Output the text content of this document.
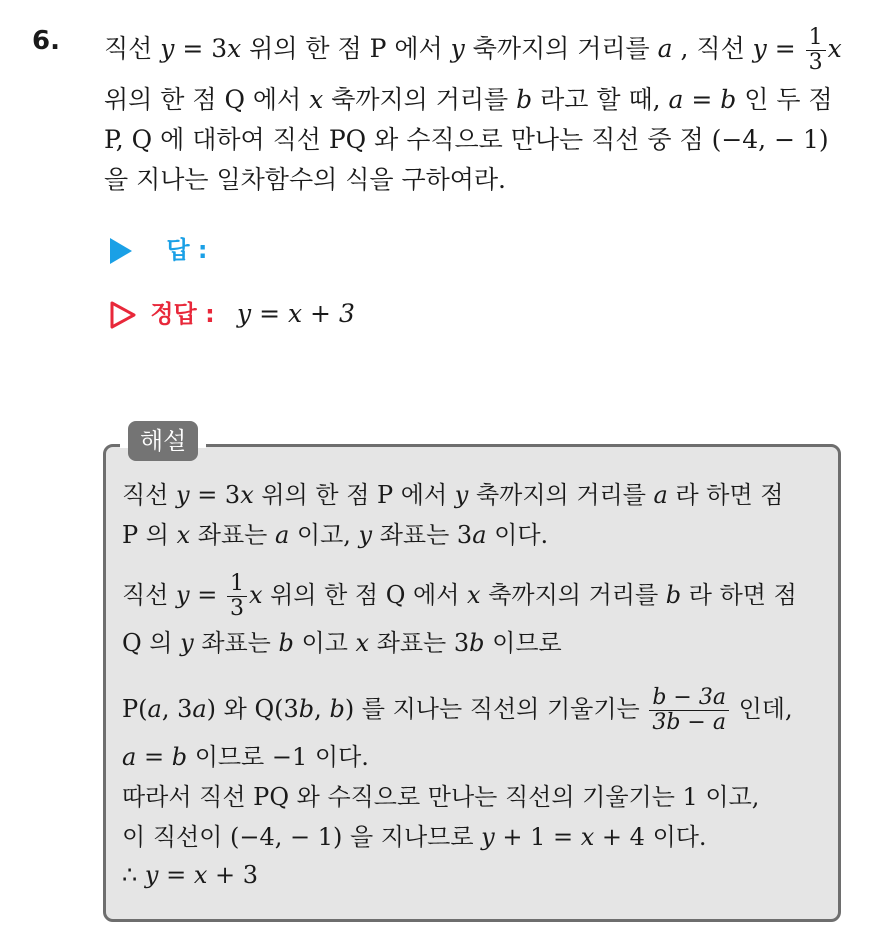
6. 직선 y = 3x 위의 한 점 P 에서 y 축까지의 거리를 a , 직선 $y = \frac{1}{3}$ x
위의 한 점 Q 에서 x 축까지의 거리를 b 라고 할 때, a = b 인 두 점
P, Q 에 대하여 직선 PQ 와 수직으로 만나는 직선 중 점 (−4, − 1)
을 지나는 일차함수의 식을 구하여라.
답 :
정답 : y = x + 3
해설
직선 y = 3x 위의 한 점 P 에서 y 축까지의 거리를 a 라 하면 점
P 의 x 좌표는 a 이고, y 좌표는 3a 이다.
직선 $y = \frac{1}{3}$ x 위의 한 점 Q 에서 x 축까지의 거리를 b 라 하면 점
Q 의 y 좌표는 b 이고 x 좌표는 3b 이므로
P(a, 3a) 와 Q(3b, b) 를 지나는 직선의 기울기는 $\frac{b - 3a}{3b - a}$ 인데,
a = b 이므로 −1 이다.
따라서 직선 PQ 와 수직으로 만나는 직선의 기울기는 1 이고,
이 직선이 (−4, − 1) 을 지나므로 y + 1 = x + 4 이다.
∴ y = x + 3
